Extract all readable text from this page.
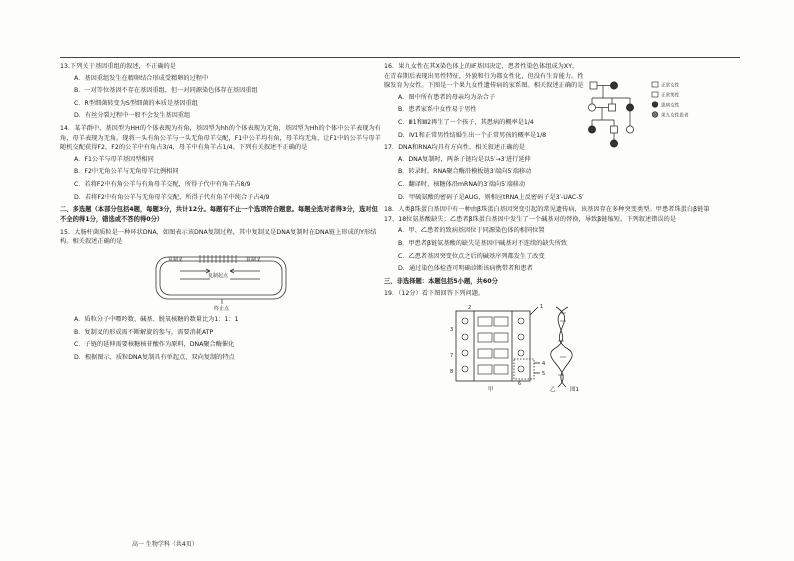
13.下列关于基因重组的叙述，不正确的是
A．基因重组发生在精卵结合形成受精卵的过程中
B．一对等位基因不存在基因重组，但一对同源染色体存在基因重组
C．R型细菌转变为S型细菌的本质是基因重组
D．有丝分裂过程中一般不会发生基因重组
14．某羊群中，基因型为HH的个体表现为有角，基因型为hh的个体表现为无角，基因型为Hh的个体中公羊表现为有角，母羊表现为无角。现将一头有角公羊与一头无角母羊交配，F1中公羊均有角，母羊均无角，让F1中的公羊与母羊随机交配获得F2，F2的公羊中有角占3/4，母羊中有角羊占1/4。下列有关叙述不正确的是
A．F1公羊与母羊基因型相同
B．F2中无角公羊与无角母羊比例相同
C．若将F2中有角公羊与有角母羊交配，所得子代中有角羊占8/9
D．若将F2中有角公羊与无角母羊交配，所得子代有角羊中纯合子占4/9
二、多选题（本部分包括4题，每题3分，共计12分。每题有不止一个选项符合题意。每题全选对者得3分，选对但不全的得1分，错选或不答的得0分）
15．大肠杆菌质粒是一种环状DNA，如图表示该DNA复制过程，其中复制叉是DNA复制时在DNA链上形成的Y形结构。相关叙述正确的是
复制叉	复制叉
复制起点
终止点
A．质粒分子中嘌呤数、碱基、脱氧核糖的数量比为1：1：1
B．复制叉的形成需不断解旋的参与，需要消耗ATP
C．子链的延伸需要核糖核苷酸作为原料，DNA聚合酶催化
D．根据图示，质粒DNA复制具有单起点、双向复制的特点
16．果九女性在其X染色体上的IF基因决定，患者性染色体组成为XY，在青春期后表现出男性特征，外貌和行为都女性化，但没有生育能力。性腺发育为女性。下图是一个果九女性遗传病的家系图。相关叙述正确的是	正常女性
正常男性
患病女性
果九女性患者
A．图中所有患者的母亲均为杂合子
B．患者家系中女性易于男性
C．Ⅲ1和Ⅲ2再生了一个孩子，其患病的概率是1/4
D．Ⅳ1和正常男性结婚生出一个正常男孩的概率是1/8
17．DNA和RNA均具有方向性，相关叙述正确的是
A．DNA复制时，两条子链均是以5′→3′进行延伸
B．转录时，RNA聚合酶沿模板链3′端向5′端移动
C．翻译时，核糖体沿mRNA的3′端向5′端移动
D．甲硫氨酸的密码子是AUG，则相应tRNA上反密码子是3′-UAC-5′
18．人类β珠蛋白基因中有一种由β珠蛋白基因突变引起的常见遗传病，该基因存在多种突变类型。甲患者珠蛋白β链第17、18位氨基酸缺失；乙患者β珠蛋白基因中发生了一个碱基对的替换，导致β链缩短。下列叙述错误的是
A．甲、乙患者的致病基因位于同源染色体的相同位置
B．甲患者β链氨基酸的缺失是基因中碱基对不连续的缺失所致
C．乙患者基因突变位点之后的碱基序列都发生了改变
D．通过染色体检查可明确诊断该病携带者和患者
三、非选择题：本题包括5小题，共60分
19．（12分）看下图回答下列问题。
1
2
3
4
5
6
7
8
甲	乙	图1
高一 生物学科（共4页）
